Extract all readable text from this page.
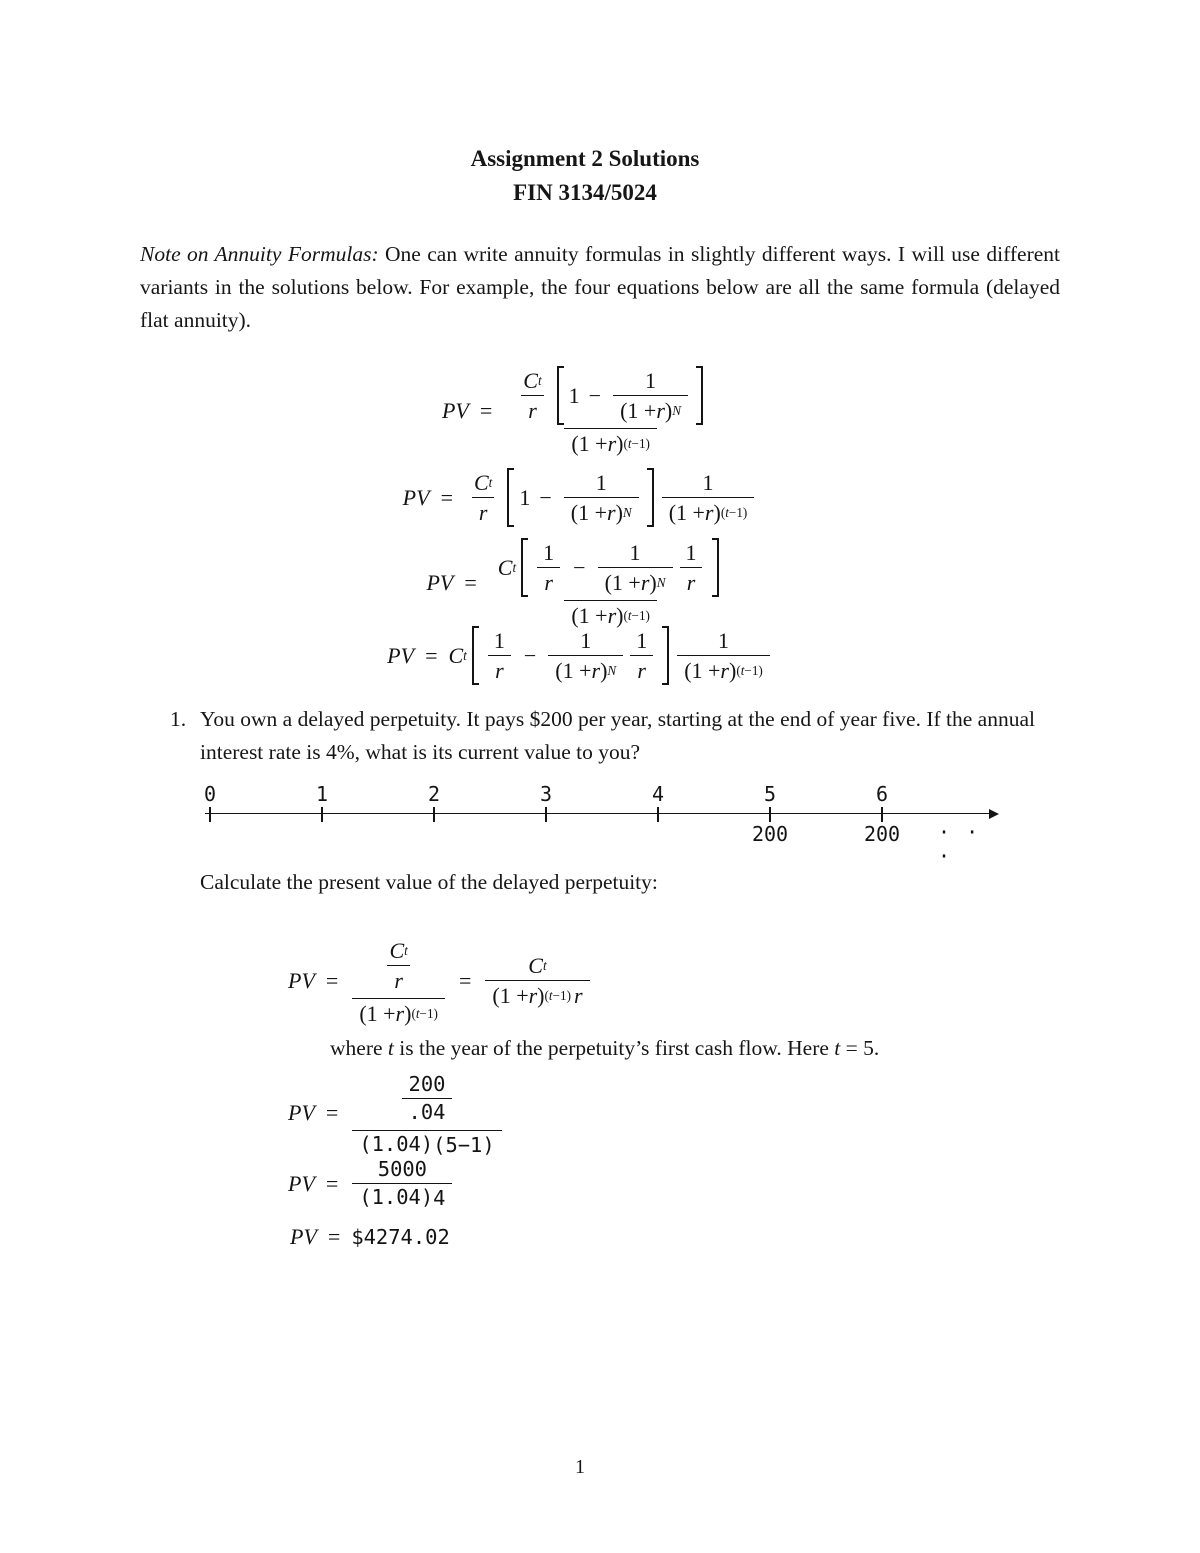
Assignment 2 Solutions
FIN 3134/5024
Note on Annuity Formulas: One can write annuity formulas in slightly different ways. I will use different variants in the solutions below. For example, the four equations below are all the same formula (delayed flat annuity).
PV = $\frac{\text{C t}}{r} 1 - \frac{1}{(1 + r ) N}$
(1 + r ) (t−1)
PV = $\frac{\text{C t}}{r} 1 - \frac{1}{(1 + r ) N} \frac{1}{(1 + r ) (t-1)}$
PV =
C t $\frac{1}{r} - \frac{1}{(1 + r ) N} \frac{1}{r}$
(1 + r ) (t−1)
PV = C t $\frac{1}{r} - \frac{1}{(1 + r ) N} \frac{1}{r} \frac{1}{(1 + r ) (t-1)}$
1. You own a delayed perpetuity. It pays $200 per year, starting at the end of year five. If the annual interest rate is 4%, what is its current value to you?
0	1	2	3	4	5	6
200	200	· · ·
Calculate the present value of the delayed perpetuity:
PV = $\frac{\frac{\text{C t}}{r}}{(1 + r ) (t-1)} = \frac{\text{C t}}{(1 + r ) (t-1) r}$
where t is the year of the perpetuity’s first cash flow. Here t = 5.
PV = $\frac{\frac{200}{.04}}{(1.04) (5-1)}$
PV = $\frac{5000}{(1.04) 4}$
PV = $4274.02
1
